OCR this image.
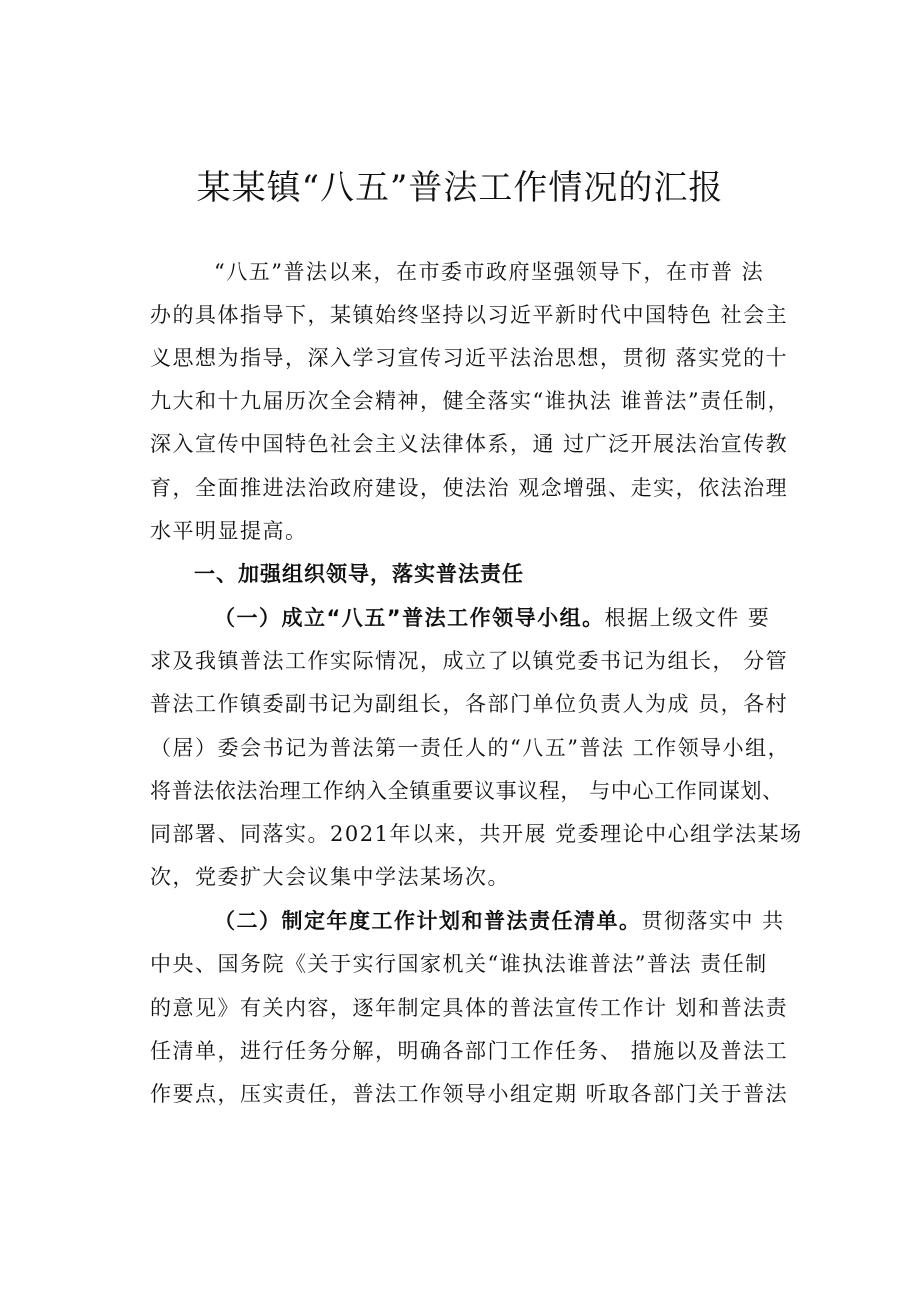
某某镇“八五”普法工作情况的汇报
“八五”普法以来，在市委市政府坚强领导下，在市普 法
办的具体指导下，某镇始终坚持以习近平新时代中国特色 社会主
义思想为指导，深入学习宣传习近平法治思想，贯彻 落实党的十
九大和十九届历次全会精神，健全落实“谁执法 谁普法”责任制，
深入宣传中国特色社会主义法律体系，通 过广泛开展法治宣传教
育，全面推进法治政府建设，使法治 观念增强、走实，依法治理
水平明显提高。
一、加强组织领导，落实普法责任
（一）成立“八五”普法工作领导小组。根据上级文件 要
求及我镇普法工作实际情况，成立了以镇党委书记为组长， 分管
普法工作镇委副书记为副组长，各部门单位负责人为成 员，各村
（居）委会书记为普法第一责任人的“八五”普法 工作领导小组，
将普法依法治理工作纳入全镇重要议事议程， 与中心工作同谋划、
同部署、同落实。2021年以来，共开展 党委理论中心组学法某场
次，党委扩大会议集中学法某场次。
（二）制定年度工作计划和普法责任清单。贯彻落实中 共
中央、国务院《关于实行国家机关“谁执法谁普法”普法 责任制
的意见》有关内容，逐年制定具体的普法宣传工作计 划和普法责
任清单，进行任务分解，明确各部门工作任务、 措施以及普法工
作要点，压实责任，普法工作领导小组定期 听取各部门关于普法
